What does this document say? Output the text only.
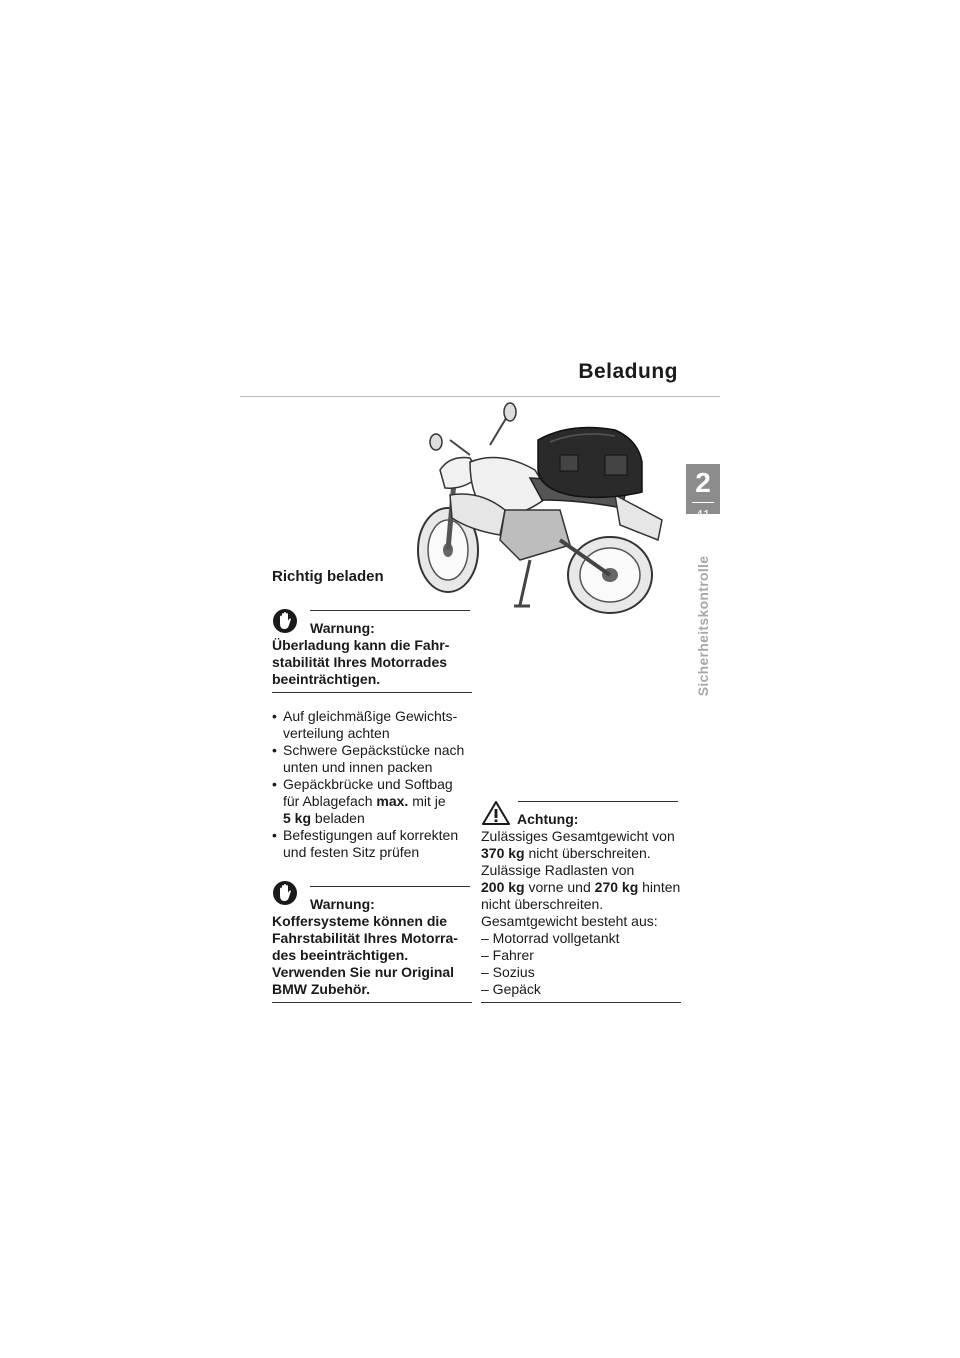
Beladung
2
41
Sicherheitskontrolle
Richtig beladen
Warnung:
Überladung kann die Fahr-
stabilität Ihres Motorrades
beeinträchtigen.
• Auf gleichmäßige Gewichts-
verteilung achten
• Schwere Gepäckstücke nach
unten und innen packen
• Gepäckbrücke und Softbag
für Ablagefach max. mit je
5 kg beladen
• Befestigungen auf korrekten
und festen Sitz prüfen
Warnung:
Koffersysteme können die
Fahrstabilität Ihres Motorra-
des beeinträchtigen.
Verwenden Sie nur Original
BMW Zubehör.
Achtung:
Zulässiges Gesamtgewicht von
370 kg nicht überschreiten.
Zulässige Radlasten von
200 kg vorne und 270 kg hinten
nicht überschreiten.
Gesamtgewicht besteht aus:
– Motorrad vollgetankt
– Fahrer
– Sozius
– Gepäck
